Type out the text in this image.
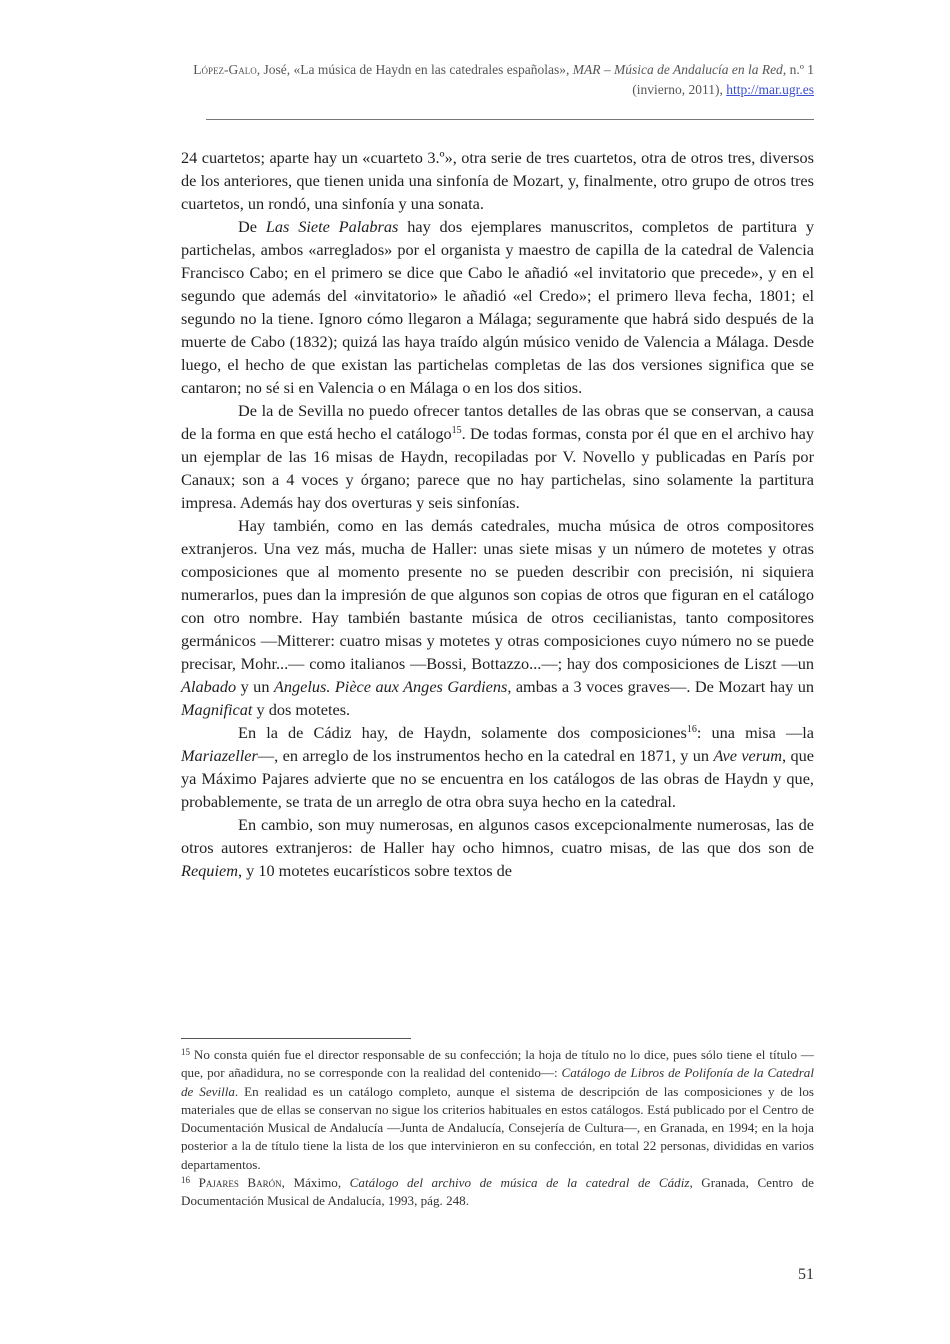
López-Galo, José, «La música de Haydn en las catedrales españolas», MAR – Música de Andalucía en la Red, n.º 1 (invierno, 2011), http://mar.ugr.es

24 cuartetos; aparte hay un «cuarteto 3.º», otra serie de tres cuartetos, otra de otros tres, diversos de los anteriores, que tienen unida una sinfonía de Mozart, y, finalmente, otro grupo de otros tres cuartetos, un rondó, una sinfonía y una sonata.

De Las Siete Palabras hay dos ejemplares manuscritos, completos de partitura y partichelas, ambos «arreglados» por el organista y maestro de capilla de la catedral de Valencia Francisco Cabo; en el primero se dice que Cabo le añadió «el invitatorio que precede», y en el segundo que además del «invitatorio» le añadió «el Credo»; el primero lleva fecha, 1801; el segundo no la tiene. Ignoro cómo llegaron a Málaga; seguramente que habrá sido después de la muerte de Cabo (1832); quizá las haya traído algún músico venido de Valencia a Málaga. Desde luego, el hecho de que existan las partichelas completas de las dos versiones significa que se cantaron; no sé si en Valencia o en Málaga o en los dos sitios.

De la de Sevilla no puedo ofrecer tantos detalles de las obras que se conservan, a causa de la forma en que está hecho el catálogo$^{15}$. De todas formas, consta por él que en el archivo hay un ejemplar de las 16 misas de Haydn, recopiladas por V. Novello y publicadas en París por Canaux; son a 4 voces y órgano; parece que no hay partichelas, sino solamente la partitura impresa. Además hay dos overturas y seis sinfonías.

Hay también, como en las demás catedrales, mucha música de otros compositores extranjeros. Una vez más, mucha de Haller: unas siete misas y un número de motetes y otras composiciones que al momento presente no se pueden describir con precisión, ni siquiera numerarlos, pues dan la impresión de que algunos son copias de otros que figuran en el catálogo con otro nombre. Hay también bastante música de otros cecilianistas, tanto compositores germánicos —Mitterer: cuatro misas y motetes y otras composiciones cuyo número no se puede precisar, Mohr...— como italianos —Bossi, Bottazzo...—; hay dos composiciones de Liszt —un Alabado y un Angelus. Pièce aux Anges Gardiens, ambas a 3 voces graves—. De Mozart hay un Magnificat y dos motetes.

En la de Cádiz hay, de Haydn, solamente dos composiciones$^{16}$: una misa —la Mariazeller—, en arreglo de los instrumentos hecho en la catedral en 1871, y un Ave verum, que ya Máximo Pajares advierte que no se encuentra en los catálogos de las obras de Haydn y que, probablemente, se trata de un arreglo de otra obra suya hecho en la catedral.

En cambio, son muy numerosas, en algunos casos excepcionalmente numerosas, las de otros autores extranjeros: de Haller hay ocho himnos, cuatro misas, de las que dos son de Requiem, y 10 motetes eucarísticos sobre textos de

$^{15}$ No consta quién fue el director responsable de su confección; la hoja de título no lo dice, pues sólo tiene el título —que, por añadidura, no se corresponde con la realidad del contenido—: Catálogo de Libros de Polifonía de la Catedral de Sevilla. En realidad es un catálogo completo, aunque el sistema de descripción de las composiciones y de los materiales que de ellas se conservan no sigue los criterios habituales en estos catálogos. Está publicado por el Centro de Documentación Musical de Andalucía —Junta de Andalucía, Consejería de Cultura—, en Granada, en 1994; en la hoja posterior a la de título tiene la lista de los que intervinieron en su confección, en total 22 personas, divididas en varios departamentos.

$^{16}$ Pajares Barón, Máximo, Catálogo del archivo de música de la catedral de Cádiz, Granada, Centro de Documentación Musical de Andalucía, 1993, pág. 248.

51
